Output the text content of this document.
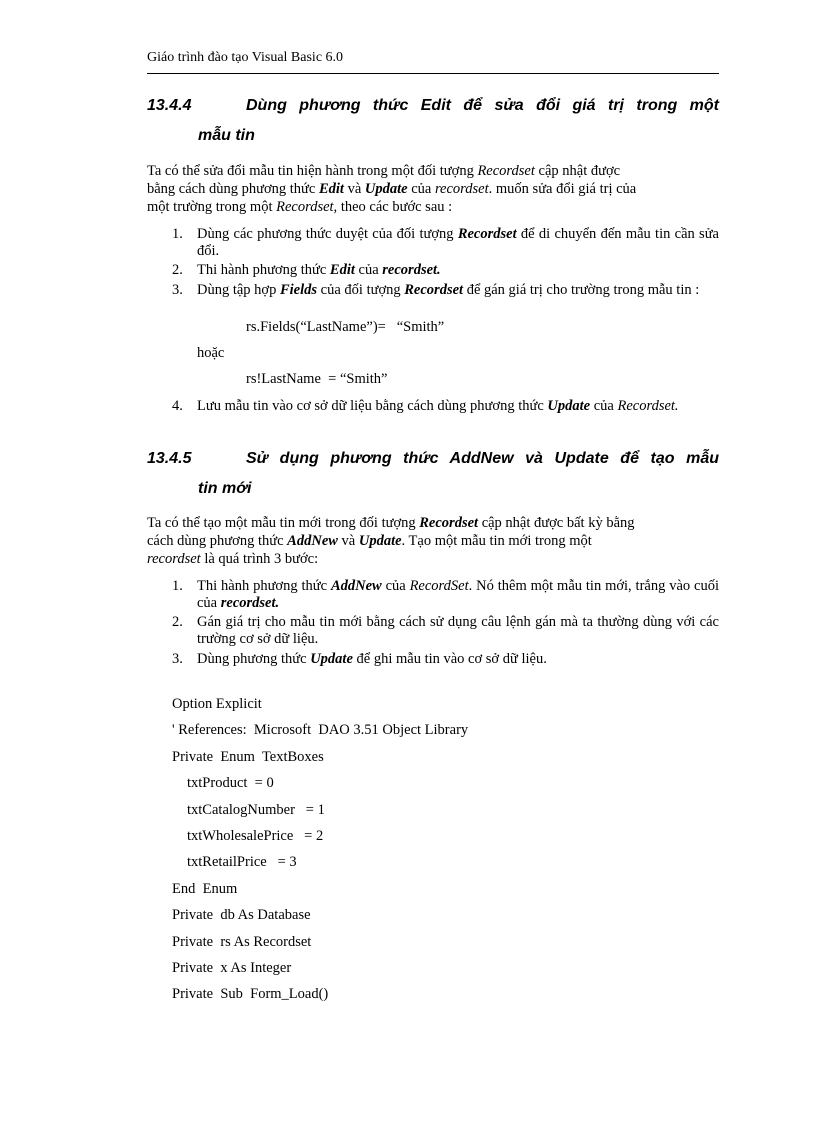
Giáo trình đào tạo Visual Basic 6.0
13.4.4	Dùng phương thức Edit để sửa đổi giá trị trong một
mẫu tin
Ta có thể sửa đổi mẫu tin hiện hành trong một đối tượng Recordset cập nhật được
bằng cách dùng phương thức Edit và Update của recordset. muốn sửa đổi giá trị của
một trường trong một Recordset, theo các bước sau :
1. Dùng các phương thức duyệt của đối tượng Recordset để di chuyển đến mẫu tin cần sửa đổi.
2. Thi hành phương thức Edit của recordset.
3. Dùng tập hợp Fields của đối tượng Recordset để gán giá trị cho trường trong mẫu tin :
rs.Fields(“LastName”)=   “Smith”
hoặc
rs!LastName  = “Smith”
4. Lưu mẫu tin vào cơ sở dữ liệu bằng cách dùng phương thức Update của Recordset.
13.4.5	Sử dụng phương thức AddNew và Update để tạo mẫu
tin mới
Ta có thể tạo một mẫu tin mới trong đối tượng Recordset cập nhật được bất kỳ bằng
cách dùng phương thức AddNew và Update. Tạo một mẫu tin mới trong một
recordset là quá trình 3 bước:
1. Thi hành phương thức AddNew của RecordSet. Nó thêm một mẫu tin mới, trắng vào cuối của recordset.
2. Gán giá trị cho mẫu tin mới bằng cách sử dụng câu lệnh gán mà ta thường dùng với các trường cơ sở dữ liệu.
3. Dùng phương thức Update để ghi mẫu tin vào cơ sở dữ liệu.
Option Explicit
' References:  Microsoft  DAO 3.51 Object Library
Private  Enum  TextBoxes
txtProduct  = 0
txtCatalogNumber   = 1
txtWholesalePrice   = 2
txtRetailPrice   = 3
End  Enum
Private  db As Database
Private  rs As Recordset
Private  x As Integer
Private  Sub  Form_Load()
